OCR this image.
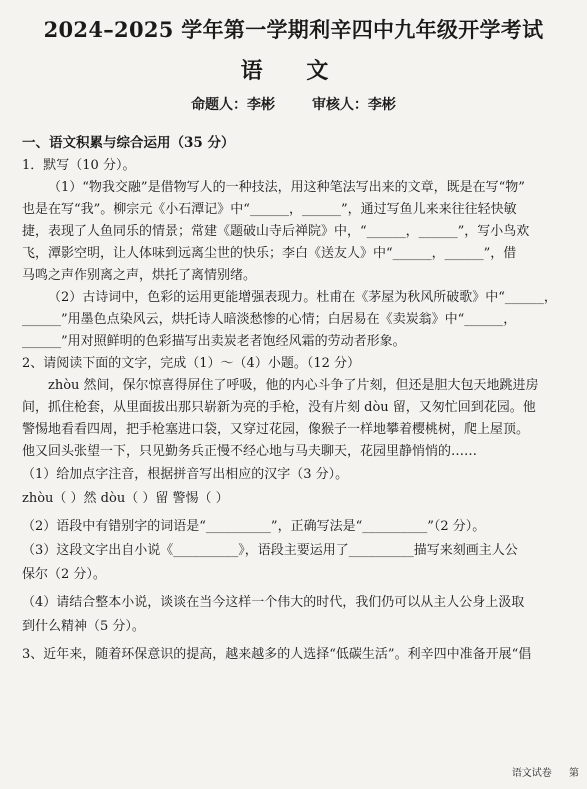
2024–2025 学年第一学期利辛四中九年级开学考试
语 文
命题人：李彬	审核人：李彬
一、语文积累与综合运用（35 分）
1．默写（10 分）。
（1）“物我交融”是借物写人的一种技法，用这种笔法写出来的文章，既是在写“物”
也是在写“我”。柳宗元《小石潭记》中“______，______”，通过写鱼儿来来往往轻快敏
捷，表现了人鱼同乐的情景；常建《题破山寺后禅院》中，“______，______”，写小鸟欢
飞，潭影空明，让人体味到远离尘世的快乐；李白《送友人》中“______，______”，借
马鸣之声作别离之声，烘托了离情别绪。
（2）古诗词中，色彩的运用更能增强表现力。杜甫在《茅屋为秋风所破歌》中“______，
______”用墨色点染风云，烘托诗人暗淡愁惨的心情；白居易在《卖炭翁》中“______，
______”用对照鲜明的色彩描写出卖炭老者饱经风霜的劳动者形象。
2、请阅读下面的文字，完成（1）～（4）小题。（12 分）
zhòu 然间，保尔惊喜得屏住了呼吸，他的内心斗争了片刻，但还是胆大包天地跳进房
间，抓住枪套，从里面拔出那只崭新为亮的手枪，没有片刻 dòu 留，又匆忙回到花园。他
警惕地看看四周，把手枪塞进口袋，又穿过花园，像猴子一样地攀着樱桃树，爬上屋顶。
他又回头张望一下，只见勤务兵正慢不经心地与马夫聊天，花园里静悄悄的……
（1）给加点字注音，根据拼音写出相应的汉字（3 分）。
zhòu（ ）然 dòu（ ）留 警惕（ ）
（2）语段中有错别字的词语是“__________”，正确写法是“__________”（2 分）。
（3）这段文字出自小说《__________》，语段主要运用了__________描写来刻画主人公
保尔（2 分）。
（4）请结合整本小说，谈谈在当今这样一个伟大的时代，我们仍可以从主人公身上汲取
到什么精神（5 分）。
3、近年来，随着环保意识的提高，越来越多的人选择“低碳生活”。利辛四中准备开展“倡
语文试卷 第
